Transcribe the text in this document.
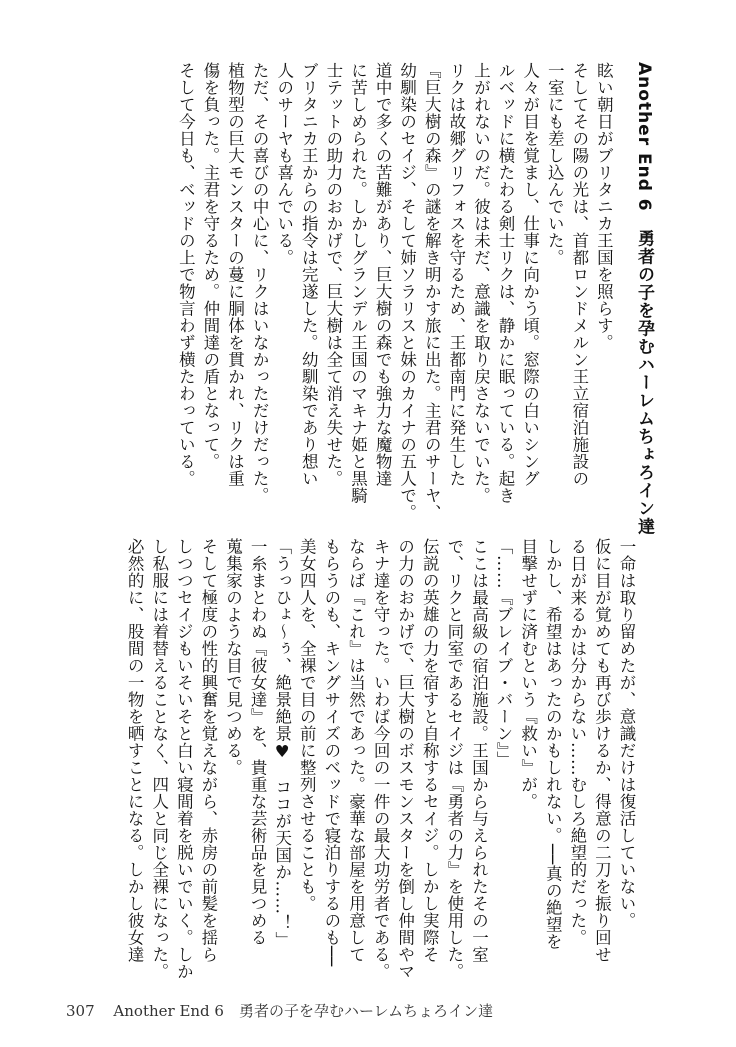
Another End 6　勇者の子を孕むハーレムちょろイン達
眩い朝日がブリタニカ王国を照らす。
そしてその陽の光は、首都ロンドメルン王立宿泊施設の
一室にも差し込んでいた。
人々が目を覚まし、仕事に向かう頃。窓際の白いシング
ルベッドに横たわる剣士リクは、静かに眠っている。起き
上がれないのだ。彼は未だ、意識を取り戻さないでいた。
リクは故郷グリフォスを守るため、王都南門に発生した
『巨大樹の森』の謎を解き明かす旅に出た。主君のサーヤ、
幼馴染のセイジ、そして姉ソラリスと妹のカイナの五人で。
道中で多くの苦難があり、巨大樹の森でも強力な魔物達
に苦しめられた。しかしグランデル王国のマキナ姫と黒騎
士テットの助力のおかげで、巨大樹は全て消え失せた。
ブリタニカ王からの指令は完遂した。幼馴染であり想い
人のサーヤも喜んでいる。
ただ、その喜びの中心に、リクはいなかっただけだった。
植物型の巨大モンスターの蔓に胴体を貫かれ、リクは重
傷を負った。主君を守るため。仲間達の盾となって。
そして今日も、ベッドの上で物言わず横たわっている。
一命は取り留めたが、意識だけは復活していない。
仮に目が覚めても再び歩けるか、得意の二刀を振り回せ
る日が来るかは分からない……むしろ絶望的だった。
しかし、希望はあったのかもしれない。──真の絶望を
目撃せずに済むという『救い』が。
「……『ブレイブ・バーン』」
ここは最高級の宿泊施設。王国から与えられたその一室
で、リクと同室であるセイジは『勇者の力』を使用した。
伝説の英雄の力を宿すと自称するセイジ。しかし実際そ
の力のおかげで、巨大樹のボスモンスターを倒し仲間やマ
キナ達を守った。いわば今回の一件の最大功労者である。
ならば『これ』は当然であった。豪華な部屋を用意して
もらうのも、キングサイズのベッドで寝泊りするのも──
美女四人を、全裸で目の前に整列させることも。
「うっひょ～ぅ、絶景絶景♥　ココが天国か……！」
一糸まとわぬ『彼女達』を、貴重な芸術品を見つめる
蒐集家のような目で見つめる。
そして極度の性的興奮を覚えながら、赤房の前髪を揺ら
しつつセイジもいそいそと白い寝間着を脱いでいく。しか
し私服には着替えることなく、四人と同じ全裸になった。
必然的に、股間の一物を晒すことになる。しかし彼女達
307 Another End 6　勇者の子を孕むハーレムちょろイン達
